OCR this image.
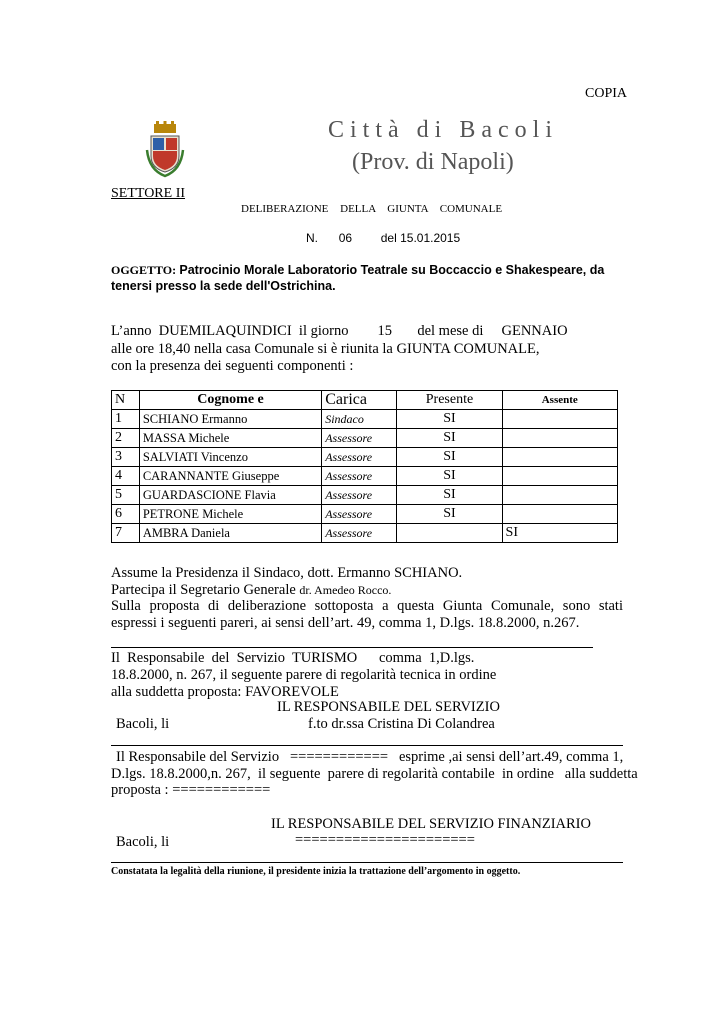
COPIA
Città di Bacoli
(Prov. di Napoli)
SETTORE II
DELIBERAZIONE DELLA GIUNTA COMUNALE
N. 06 del 15.01.2015
OGGETTO: Patrocinio Morale Laboratorio Teatrale su Boccaccio e Shakespeare, da tenersi presso la sede dell'Ostrichina.
L’anno  DUEMILAQUINDICI  il giorno        15       del mese di     GENNAIO
alle ore 18,40 nella casa Comunale si è riunita la GIUNTA COMUNALE,
con la presenza dei seguenti componenti :
N	Cognome e	Carica	Presente	Assente
1	SCHIANO Ermanno	Sindaco	SI	
2	MASSA Michele	Assessore	SI	
3	SALVIATI Vincenzo	Assessore	SI	
4	CARANNANTE Giuseppe	Assessore	SI	
5	GUARDASCIONE Flavia	Assessore	SI	
6	PETRONE Michele	Assessore	SI	
7	AMBRA Daniela	Assessore		SI
Assume la Presidenza il Sindaco, dott. Ermanno SCHIANO.
Partecipa il Segretario Generale dr. Amedeo Rocco.
Sulla proposta di deliberazione sottoposta a questa Giunta Comunale, sono stati
espressi i seguenti pareri, ai sensi dell’art. 49, comma 1, D.lgs. 18.8.2000, n.267.
Il  Responsabile  del  Servizio  TURISMO      comma  1,D.lgs.
18.8.2000, n. 267, il seguente parere di regolarità tecnica in ordine
alla suddetta proposta: FAVOREVOLE
IL RESPONSABILE DEL SERVIZIO
Bacoli, li	f.to dr.ssa Cristina Di Colandrea
Il Responsabile del Servizio   ============   esprime ,ai sensi dell’art.49, comma 1,
D.lgs. 18.8.2000,n. 267,  il seguente  parere di regolarità contabile  in ordine   alla suddetta
proposta : ============
IL RESPONSABILE DEL SERVIZIO FINANZIARIO
Bacoli, li	======================
Constatata la legalità della riunione, il presidente inizia la trattazione dell’argomento in oggetto.
